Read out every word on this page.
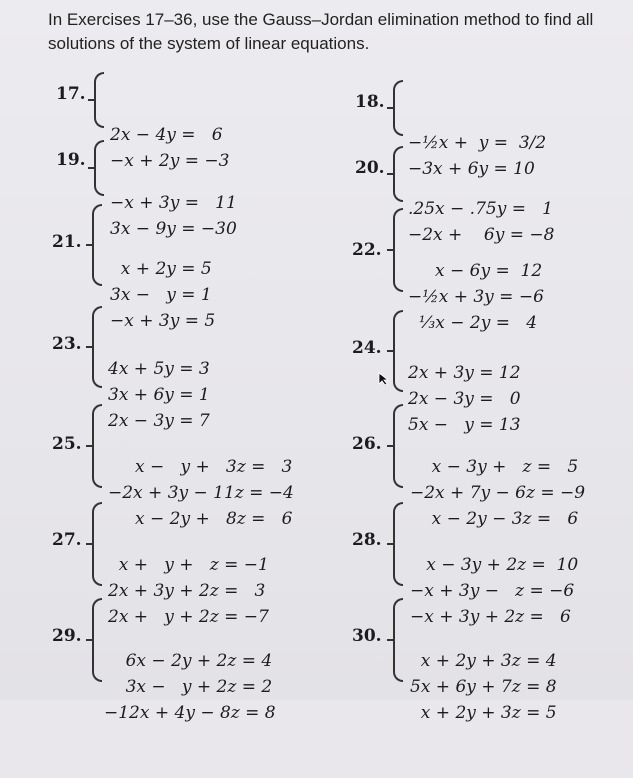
In Exercises 17–36, use the Gauss–Jordan elimination method to find all solutions of the system of linear equations.
17.

2x − 4y =   6
−x + 2y = −3

18.

−½x +  y =  3/2
−3x + 6y = 10

19.

−x + 3y =   11
3x − 9y = −30

20.

.25x − .75y =   1
−2x +    6y = −8

21.

x + 2y = 5
3x −   y = 1
−x + 3y = 5

22.

x − 6y =  12
−½x + 3y = −6
⅓x − 2y =   4

23.

4x + 5y = 3
3x + 6y = 1
2x − 3y = 7

24.

2x + 3y = 12
2x − 3y =   0
5x −   y = 13

25.

x −   y +   3z =   3
−2x + 3y − 11z = −4
x − 2y +   8z =   6

26.

x − 3y +   z =   5
−2x + 7y − 6z = −9
x − 2y − 3z =   6

27.

x +   y +   z = −1
2x + 3y + 2z =   3
2x +   y + 2z = −7

28.

x − 3y + 2z =  10
−x + 3y −   z = −6
−x + 3y + 2z =   6

29.

6x − 2y + 2z = 4
3x −   y + 2z = 2
−12x + 4y − 8z = 8

30.

x + 2y + 3z = 4
5x + 6y + 7z = 8
x + 2y + 3z = 5
